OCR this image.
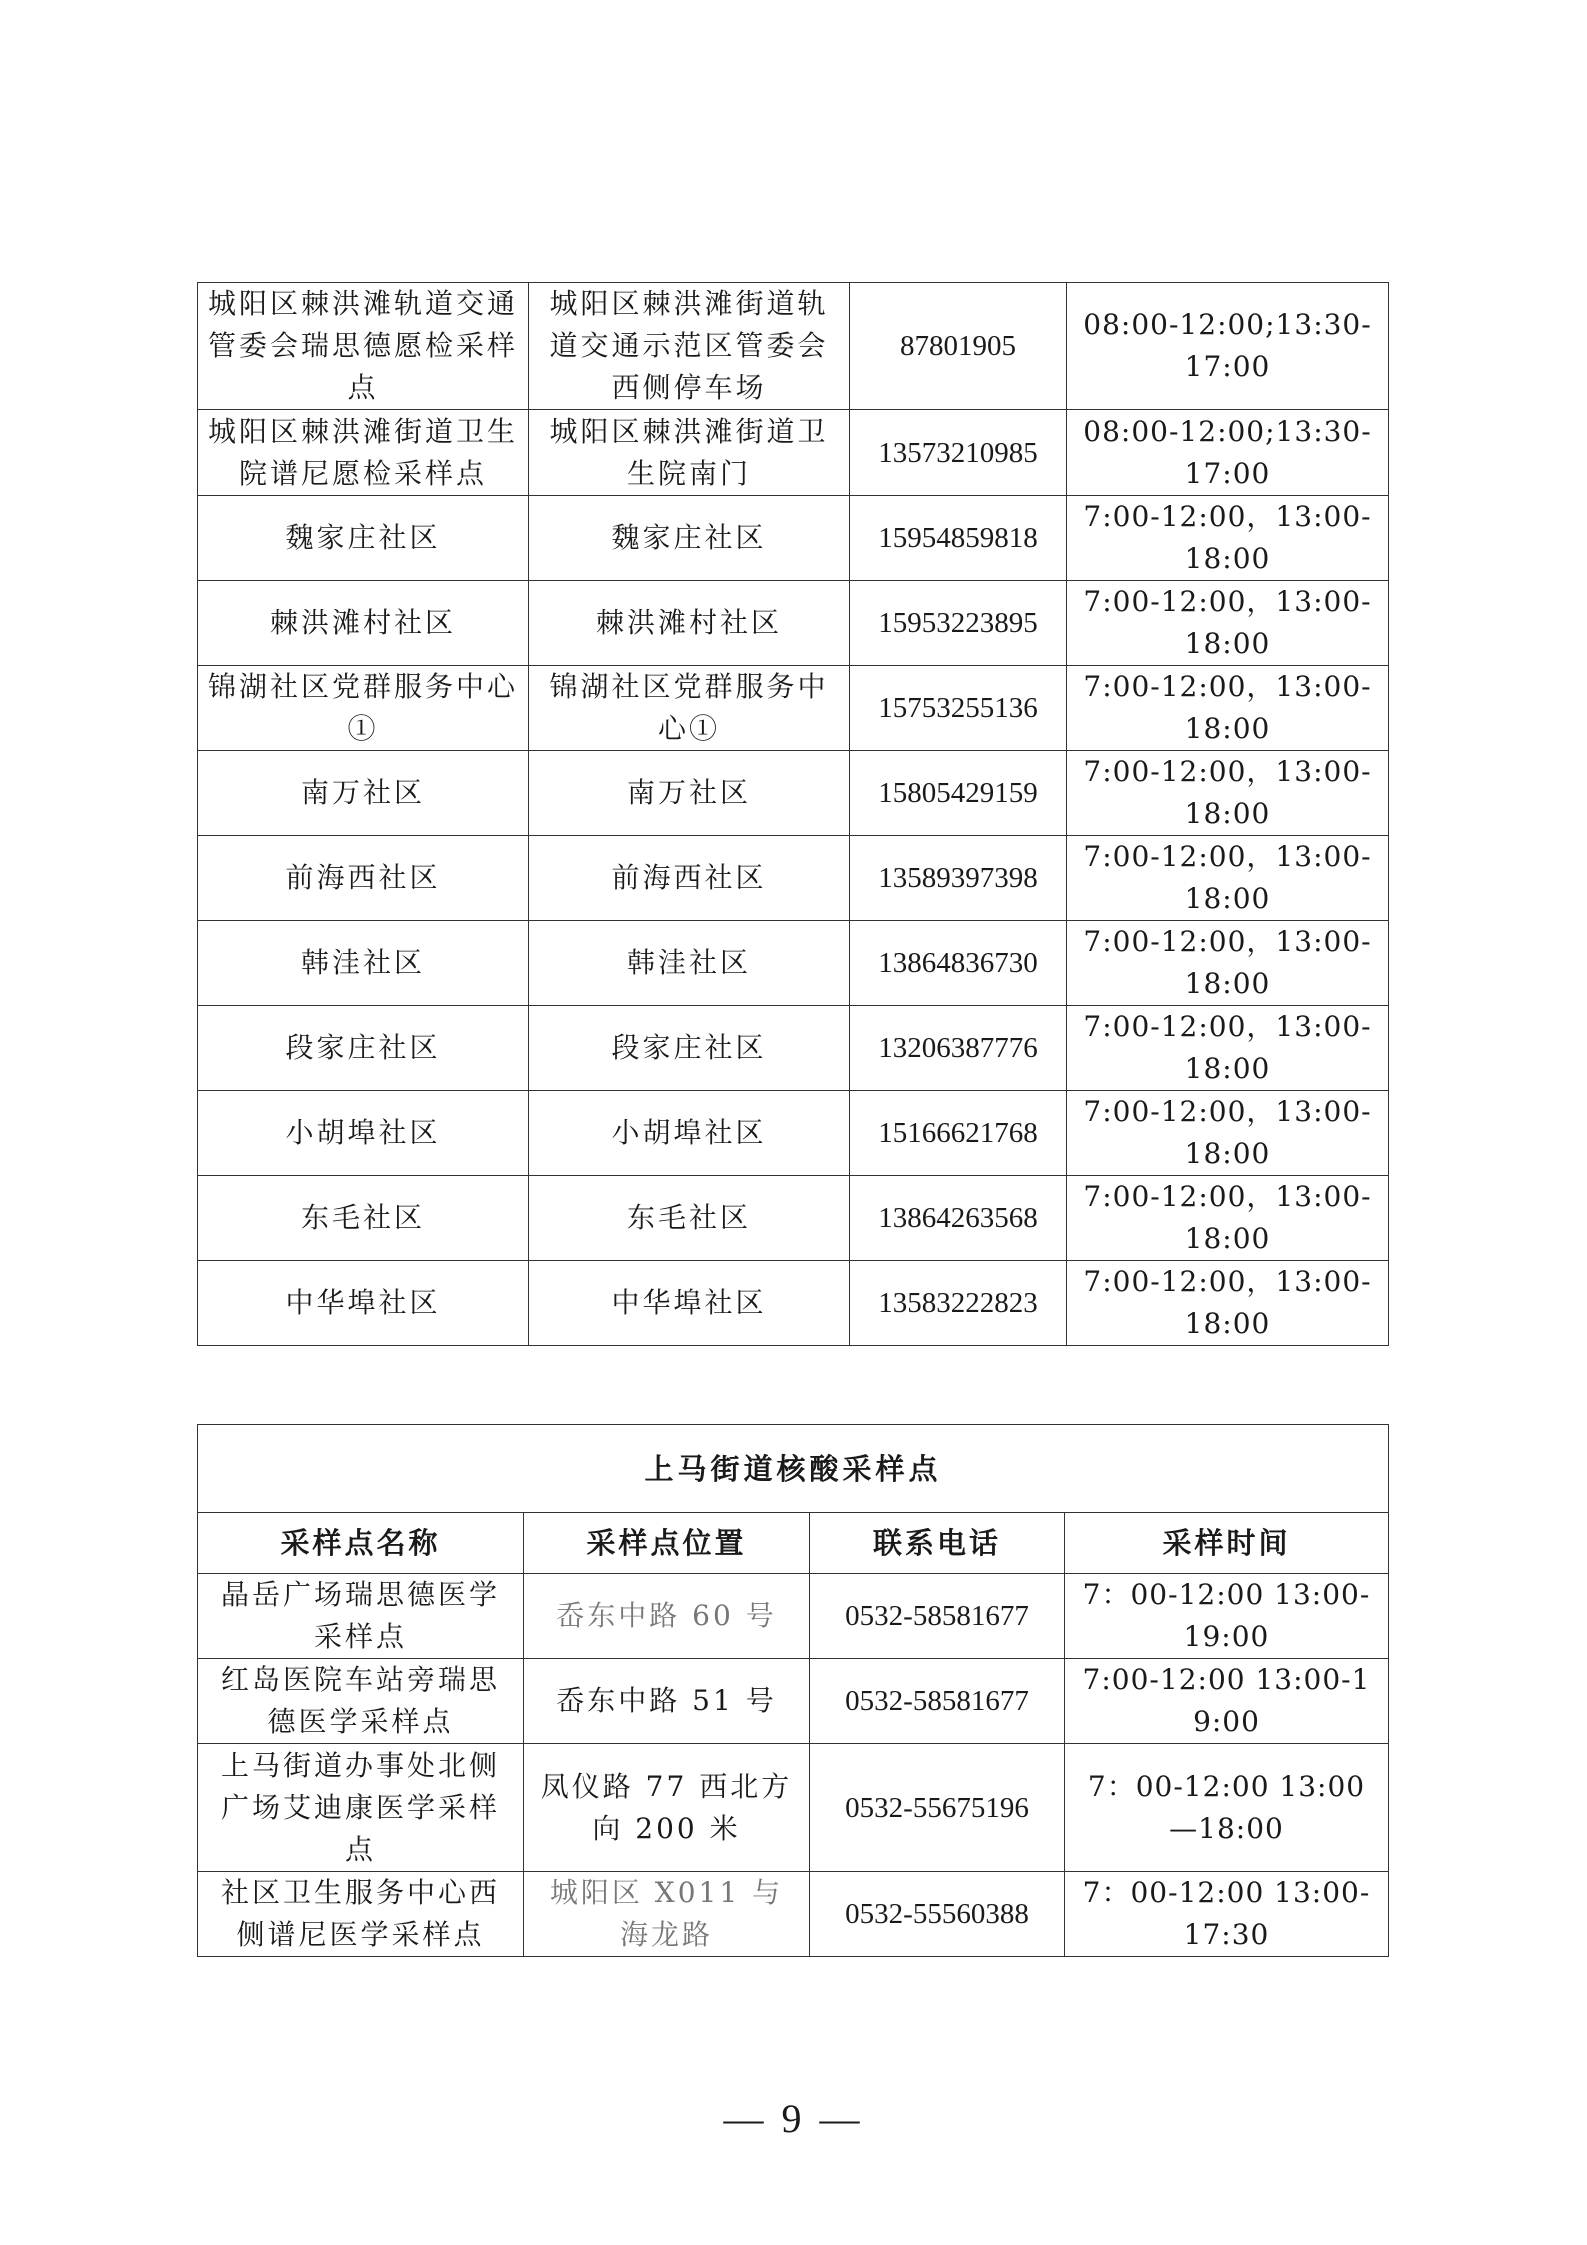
城阳区棘洪滩轨道交通管委会瑞思德愿检采样点	城阳区棘洪滩街道轨道交通示范区管委会西侧停车场	87801905	08:00-12:00;13:30-17:00
城阳区棘洪滩街道卫生院谱尼愿检采样点	城阳区棘洪滩街道卫生院南门	13573210985	08:00-12:00;13:30-17:00
魏家庄社区	魏家庄社区	15954859818	7:00-12:00，13:00-18:00
棘洪滩村社区	棘洪滩村社区	15953223895	7:00-12:00，13:00-18:00
锦湖社区党群服务中心①	锦湖社区党群服务中心①	15753255136	7:00-12:00，13:00-18:00
南万社区	南万社区	15805429159	7:00-12:00，13:00-18:00
前海西社区	前海西社区	13589397398	7:00-12:00，13:00-18:00
韩洼社区	韩洼社区	13864836730	7:00-12:00，13:00-18:00
段家庄社区	段家庄社区	13206387776	7:00-12:00，13:00-18:00
小胡埠社区	小胡埠社区	15166621768	7:00-12:00，13:00-18:00
东毛社区	东毛社区	13864263568	7:00-12:00，13:00-18:00
中华埠社区	中华埠社区	13583222823	7:00-12:00，13:00-18:00
上马街道核酸采样点			
采样点名称	采样点位置	联系电话	采样时间
晶岳广场瑞思德医学采样点	岙东中路 60 号	0532-58581677	7：00-12:00 13:00-19:00
红岛医院车站旁瑞思德医学采样点	岙东中路 51 号	0532-58581677	7:00-12:00 13:00-19:00
上马街道办事处北侧广场艾迪康医学采样点	凤仪路 77 西北方向 200 米	0532-55675196	7：00-12:00 13:00—18:00
社区卫生服务中心西侧谱尼医学采样点	城阳区 X011 与海龙路	0532-55560388	7：00-12:00 13:00-17:30
— 9 —
